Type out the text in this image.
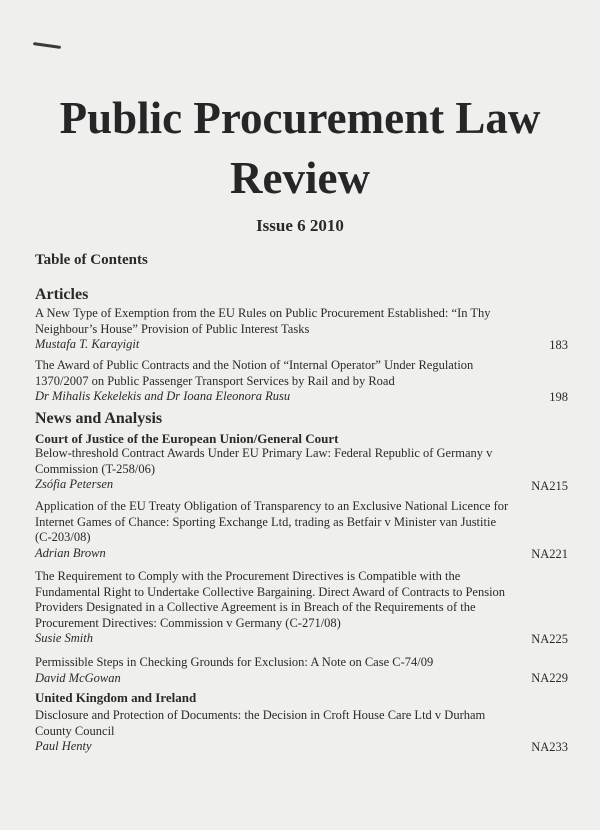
Public Procurement Law
Review
Issue 6 2010
Table of Contents
Articles
A New Type of Exemption from the EU Rules on Public Procurement Established: “In Thy Neighbour’s House” Provision of Public Interest Tasks
Mustafa T. Karayigit	183
The Award of Public Contracts and the Notion of “Internal Operator” Under Regulation 1370/2007 on Public Passenger Transport Services by Rail and by Road
Dr Mihalis Kekelekis and Dr Ioana Eleonora Rusu	198
News and Analysis
Court of Justice of the European Union/General Court
Below-threshold Contract Awards Under EU Primary Law: Federal Republic of Germany v Commission (T-258/06)
Zsófia Petersen	NA215
Application of the EU Treaty Obligation of Transparency to an Exclusive National Licence for Internet Games of Chance: Sporting Exchange Ltd, trading as Betfair v Minister van Justitie (C-203/08)
Adrian Brown	NA221
The Requirement to Comply with the Procurement Directives is Compatible with the Fundamental Right to Undertake Collective Bargaining. Direct Award of Contracts to Pension Providers Designated in a Collective Agreement is in Breach of the Requirements of the Procurement Directives: Commission v Germany (C-271/08)
Susie Smith	NA225
Permissible Steps in Checking Grounds for Exclusion: A Note on Case C-74/09
David McGowan	NA229
United Kingdom and Ireland
Disclosure and Protection of Documents: the Decision in Croft House Care Ltd v Durham County Council
Paul Henty	NA233
